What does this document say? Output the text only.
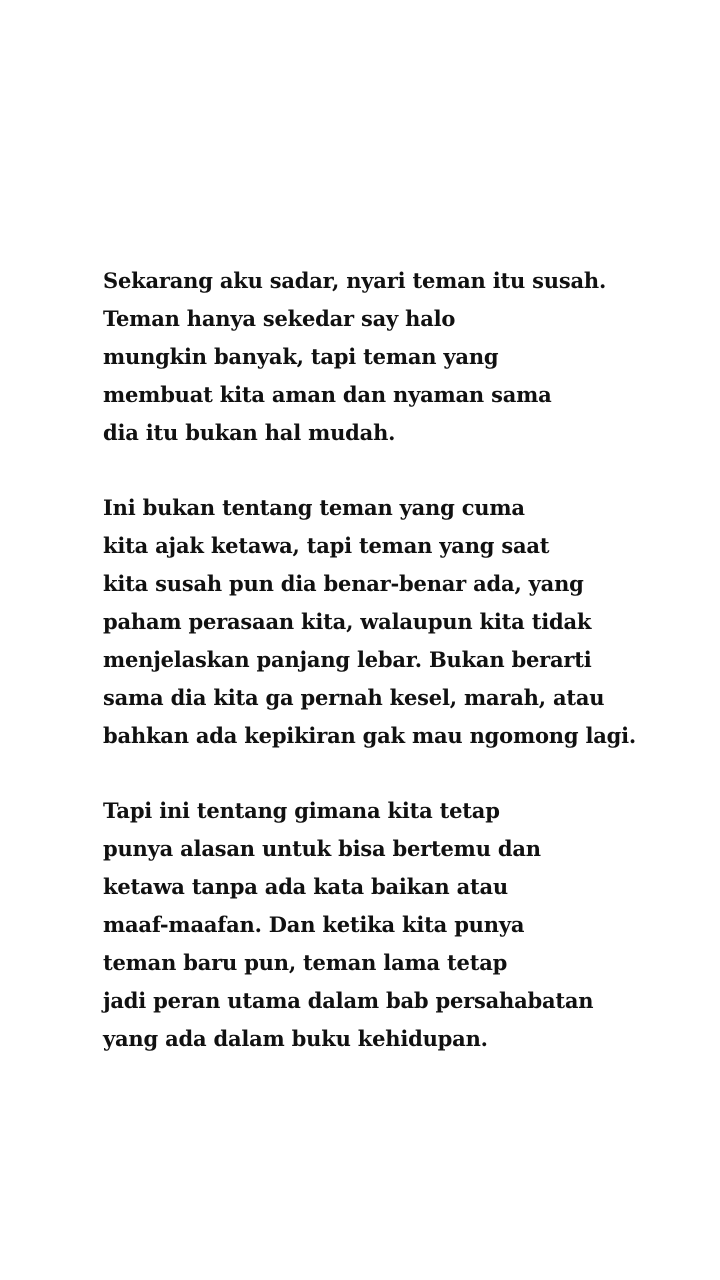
Sekarang aku sadar, nyari teman itu susah.
Teman hanya sekedar say halo
mungkin banyak, tapi teman yang
membuat kita aman dan nyaman sama
dia itu bukan hal mudah.

Ini bukan tentang teman yang cuma
kita ajak ketawa, tapi teman yang saat
kita susah pun dia benar-benar ada, yang
paham perasaan kita, walaupun kita tidak
menjelaskan panjang lebar. Bukan berarti
sama dia kita ga pernah kesel, marah, atau
bahkan ada kepikiran gak mau ngomong lagi.

Tapi ini tentang gimana kita tetap
punya alasan untuk bisa bertemu dan
ketawa tanpa ada kata baikan atau
maaf-maafan. Dan ketika kita punya
teman baru pun, teman lama tetap
jadi peran utama dalam bab persahabatan
yang ada dalam buku kehidupan.
